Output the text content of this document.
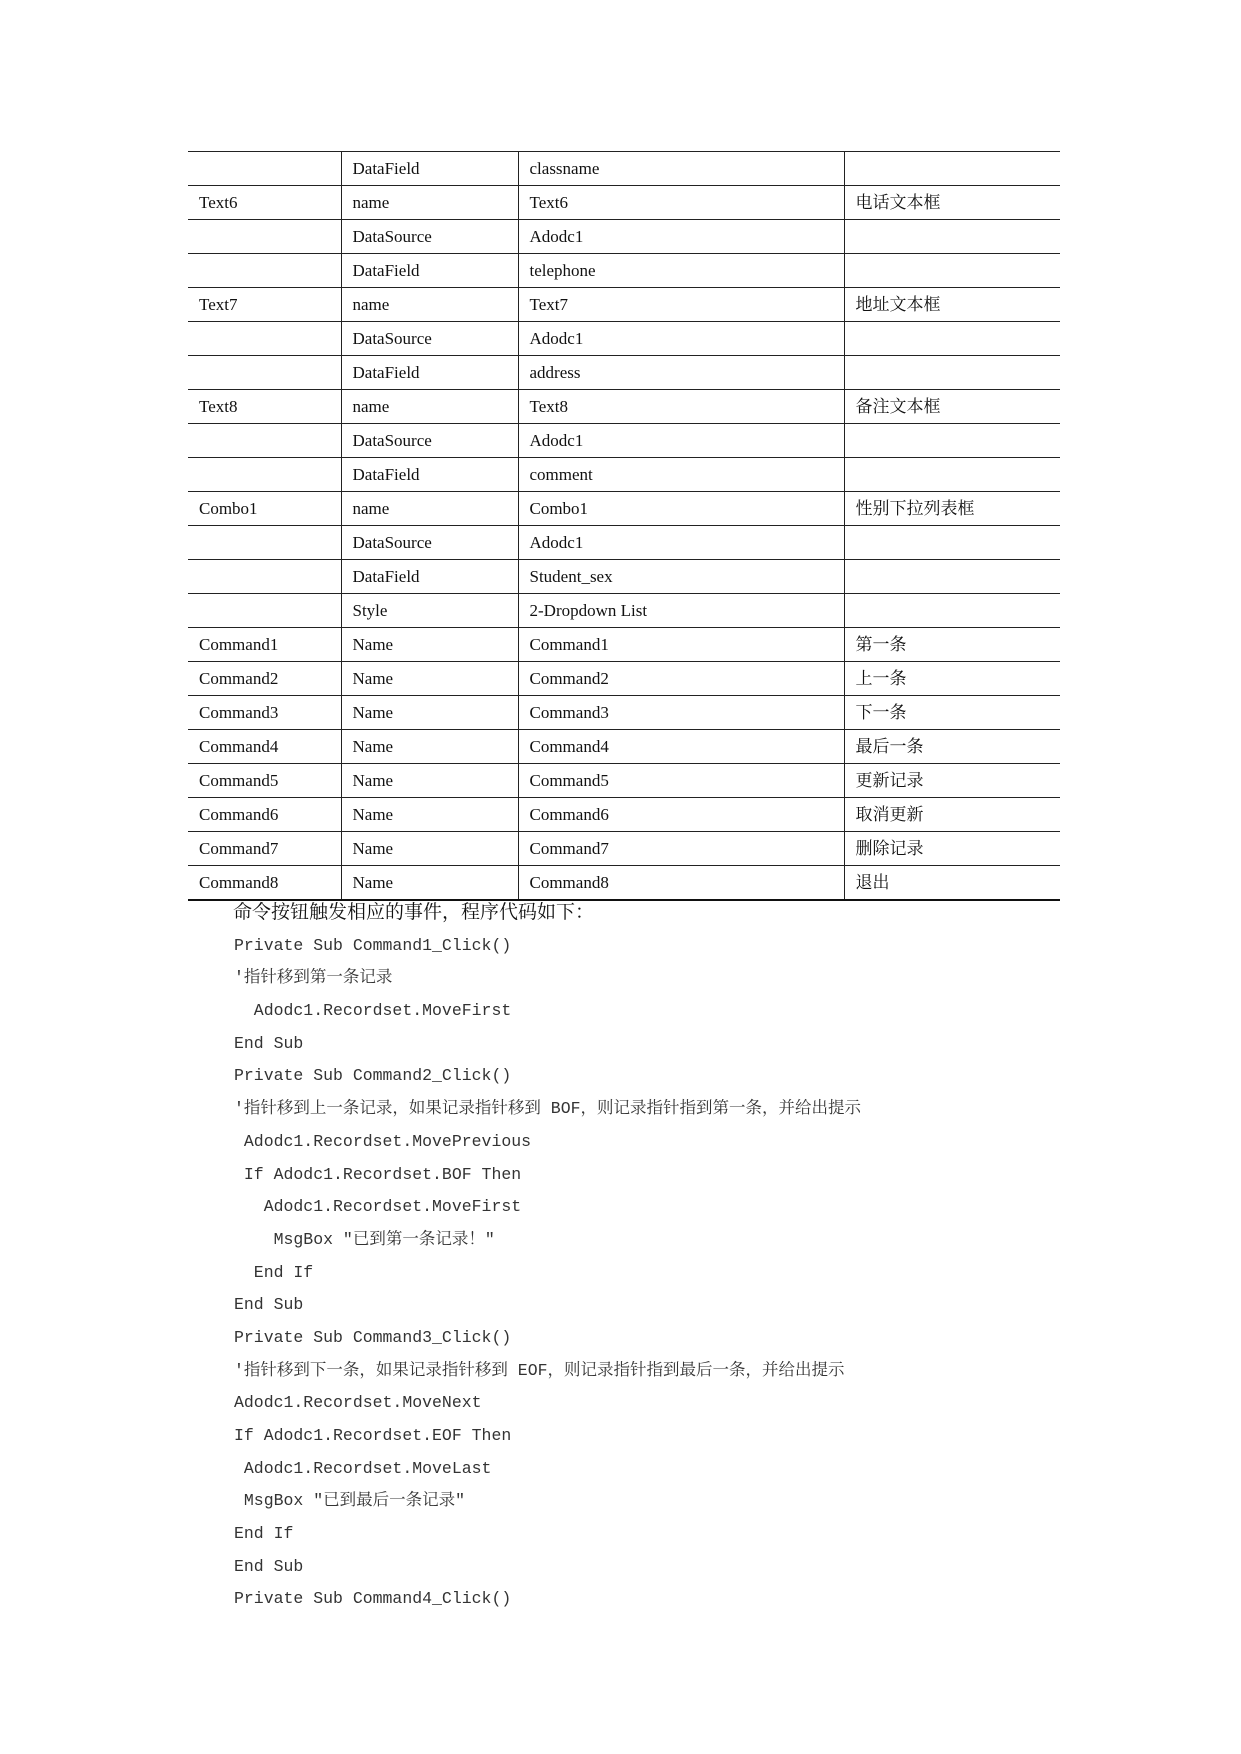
	DataField	classname	
Text6	name	Text6	电话文本框
	DataSource	Adodc1	
	DataField	telephone	
Text7	name	Text7	地址文本框
	DataSource	Adodc1	
	DataField	address	
Text8	name	Text8	备注文本框
	DataSource	Adodc1	
	DataField	comment	
Combo1	name	Combo1	性别下拉列表框
	DataSource	Adodc1	
	DataField	Student_sex	
	Style	2-Dropdown List	
Command1	Name	Command1	第一条
Command2	Name	Command2	上一条
Command3	Name	Command3	下一条
Command4	Name	Command4	最后一条
Command5	Name	Command5	更新记录
Command6	Name	Command6	取消更新
Command7	Name	Command7	删除记录
Command8	Name	Command8	退出
命令按钮触发相应的事件，程序代码如下：
Private Sub Command1_Click()
'指针移到第一条记录
Adodc1.Recordset.MoveFirst
End Sub
Private Sub Command2_Click()
'指针移到上一条记录，如果记录指针移到 BOF，则记录指针指到第一条，并给出提示
Adodc1.Recordset.MovePrevious
If Adodc1.Recordset.BOF Then
Adodc1.Recordset.MoveFirst
MsgBox "已到第一条记录！"
End If
End Sub
Private Sub Command3_Click()
'指针移到下一条，如果记录指针移到 EOF，则记录指针指到最后一条，并给出提示
Adodc1.Recordset.MoveNext
If Adodc1.Recordset.EOF Then
Adodc1.Recordset.MoveLast
MsgBox "已到最后一条记录"
End If
End Sub
Private Sub Command4_Click()
